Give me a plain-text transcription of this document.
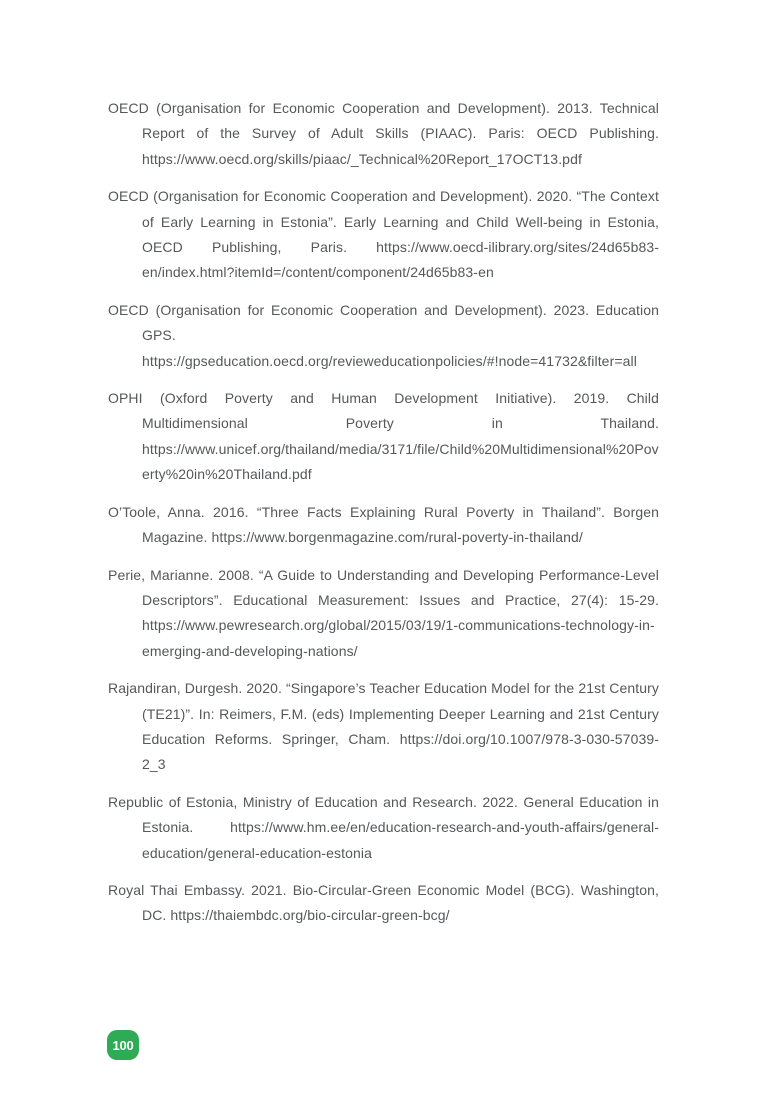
OECD (Organisation for Economic Cooperation and Development). 2013. Technical Report of the Survey of Adult Skills (PIAAC). Paris: OECD Publishing. https://www.oecd.org/skills/piaac/_Technical%20Report_17OCT13.pdf

OECD (Organisation for Economic Cooperation and Development). 2020. “The Context of Early Learning in Estonia”. Early Learning and Child Well-being in Estonia, OECD Publishing, Paris. https://www.oecd-ilibrary.org/sites/24d65b83-en/index.html?itemId=/content/component/24d65b83-en

OECD (Organisation for Economic Cooperation and Development). 2023. Education GPS. https://gpseducation.oecd.org/revieweducationpolicies/#!node=41732&filter=all

OPHI (Oxford Poverty and Human Development Initiative). 2019. Child Multidimensional Poverty in Thailand. https://www.unicef.org/thailand/media/3171/file/Child%20Multidimensional%20Poverty%20in%20Thailand.pdf

O’Toole, Anna. 2016. “Three Facts Explaining Rural Poverty in Thailand”. Borgen Magazine. https://www.borgenmagazine.com/rural-poverty-in-thailand/

Perie, Marianne. 2008. “A Guide to Understanding and Developing Performance-Level Descriptors”. Educational Measurement: Issues and Practice, 27(4): 15-29. https://www.pewresearch.org/global/2015/03/19/1-communications-technology-in-emerging-and-developing-nations/

Rajandiran, Durgesh. 2020. “Singapore’s Teacher Education Model for the 21st Century (TE21)”. In: Reimers, F.M. (eds) Implementing Deeper Learning and 21st Century Education Reforms. Springer, Cham. https://doi.org/10.1007/978-3-030-57039-2_3

Republic of Estonia, Ministry of Education and Research. 2022. General Education in Estonia. https://www.hm.ee/en/education-research-and-youth-affairs/general-education/general-education-estonia

Royal Thai Embassy. 2021. Bio-Circular-Green Economic Model (BCG). Washington, DC. https://thaiembdc.org/bio-circular-green-bcg/

100
